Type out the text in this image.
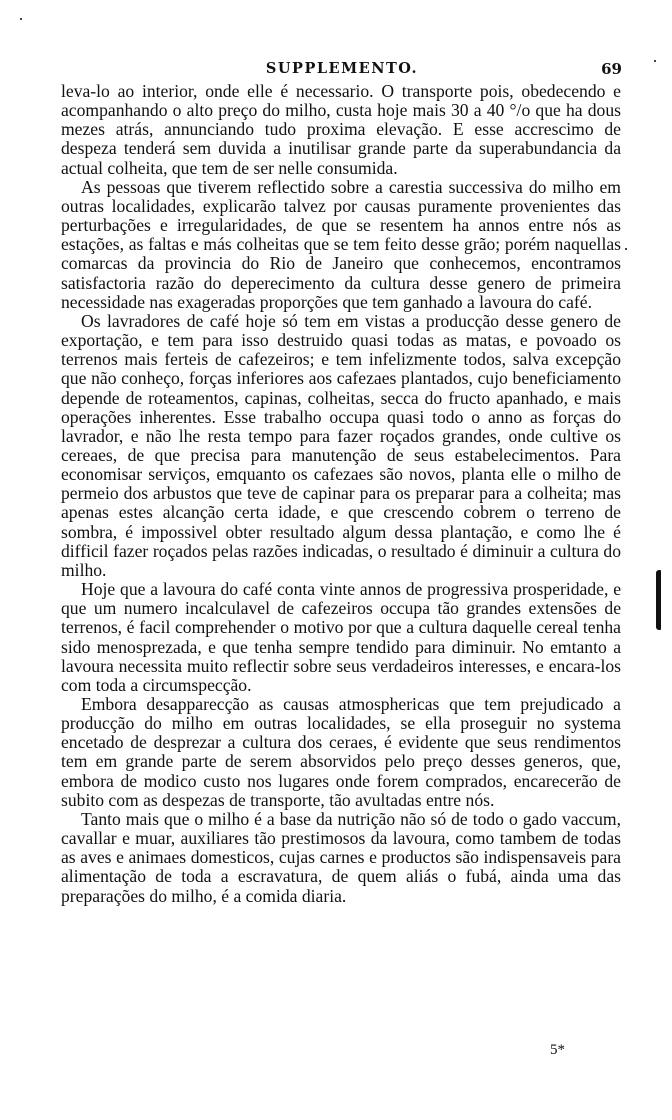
SUPPLEMENTO.	69

leva-lo ao interior, onde elle é necessario. O transporte pois, obedecendo e acompanhando o alto preço do milho, custa hoje mais 30 a 40 °/o que ha dous mezes atrás, annunciando tudo proxima elevação. E esse accrescimo de despeza tenderá sem duvida a inutilisar grande parte da superabundancia da actual colheita, que tem de ser nelle consumida.

As pessoas que tiverem reflectido sobre a carestia successiva do milho em outras localidades, explicarão talvez por causas puramente provenientes das perturbações e irregularidades, de que se resentem ha annos entre nós as estações, as faltas e más colheitas que se tem feito desse grão; porém naquellas comarcas da provincia do Rio de Janeiro que conhecemos, encontramos satisfactoria razão do deperecimento da cultura desse genero de primeira necessidade nas exageradas proporções que tem ganhado a lavoura do café.

Os lavradores de café hoje só tem em vistas a producção desse genero de exportação, e tem para isso destruido quasi todas as matas, e povoado os terrenos mais ferteis de cafezeiros; e tem infelizmente todos, salva excepção que não conheço, forças inferiores aos cafezaes plantados, cujo beneficiamento depende de roteamentos, capinas, colheitas, secca do fructo apanhado, e mais operações inherentes. Esse trabalho occupa quasi todo o anno as forças do lavrador, e não lhe resta tempo para fazer roçados grandes, onde cultive os cereaes, de que precisa para manutenção de seus estabelecimentos. Para economisar serviços, emquanto os cafezaes são novos, planta elle o milho de permeio dos arbustos que teve de capinar para os preparar para a colheita; mas apenas estes alcanção certa idade, e que crescendo cobrem o terreno de sombra, é impossivel obter resultado algum dessa plantação, e como lhe é difficil fazer roçados pelas razões indicadas, o resultado é diminuir a cultura do milho.

Hoje que a lavoura do café conta vinte annos de progressiva prosperidade, e que um numero incalculavel de cafezeiros occupa tão grandes extensões de terrenos, é facil comprehender o motivo por que a cultura daquelle cereal tenha sido menosprezada, e que tenha sempre tendido para diminuir. No emtanto a lavoura necessita muito reflectir sobre seus verdadeiros interesses, e encara-los com toda a circumspecção.

Embora desapparecção as causas atmosphericas que tem prejudicado a producção do milho em outras localidades, se ella proseguir no systema encetado de desprezar a cultura dos ceraes, é evidente que seus rendimentos tem em grande parte de serem absorvidos pelo preço desses generos, que, embora de modico custo nos lugares onde forem comprados, encarecerão de subito com as despezas de transporte, tão avultadas entre nós.

Tanto mais que o milho é a base da nutrição não só de todo o gado vaccum, cavallar e muar, auxiliares tão prestimosos da lavoura, como tambem de todas as aves e animaes domesticos, cujas carnes e productos são indispensaveis para alimentação de toda a escravatura, de quem aliás o fubá, ainda uma das preparações do milho, é a comida diaria.

5*
